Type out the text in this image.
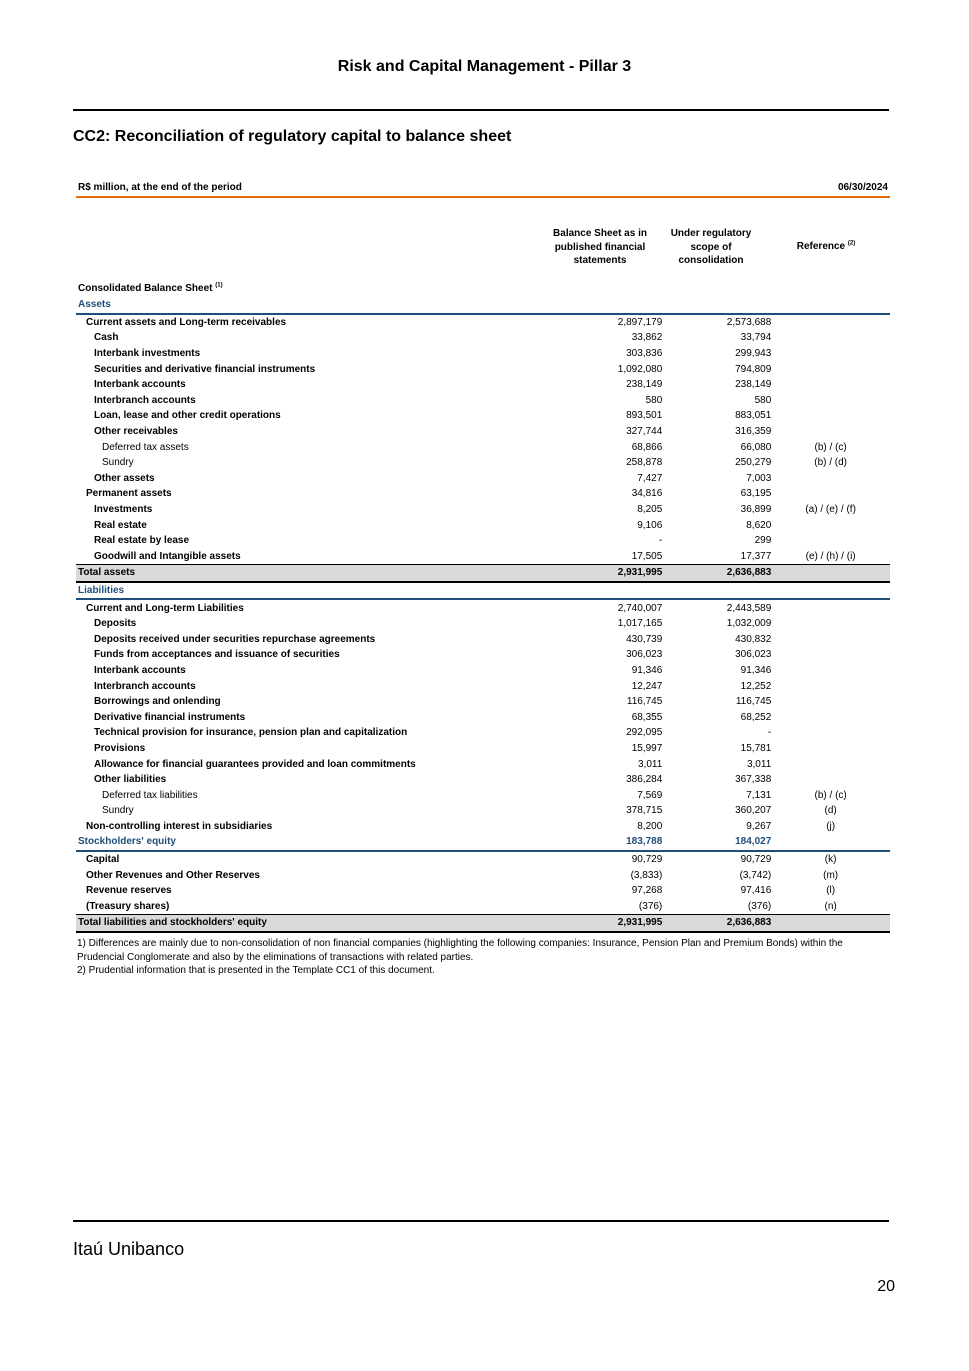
Risk and Capital Management - Pillar 3
CC2: Reconciliation of regulatory capital to balance sheet
R$ million, at the end of the period	06/30/2024
Balance Sheet as in
published financial
statements
Under regulatory
scope of
consolidation
Reference $^{(2)}$
Consolidated Balance Sheet $^{(1)}$
Assets			
Current assets and Long-term receivables	2,897,179	2,573,688	
Cash	33,862	33,794	
Interbank investments	303,836	299,943	
Securities and derivative financial instruments	1,092,080	794,809	
Interbank accounts	238,149	238,149	
Interbranch accounts	580	580	
Loan, lease and other credit operations	893,501	883,051	
Other receivables	327,744	316,359	
Deferred tax assets	68,866	66,080	(b) / (c)
Sundry	258,878	250,279	(b) / (d)
Other assets	7,427	7,003	
Permanent assets	34,816	63,195	
Investments	8,205	36,899	(a) / (e) / (f)
Real estate	9,106	8,620	
Real estate by lease	-	299	
Goodwill and Intangible assets	17,505	17,377	(e) / (h) / (i)
Total assets	2,931,995	2,636,883	
Liabilities			
Current and Long-term Liabilities	2,740,007	2,443,589	
Deposits	1,017,165	1,032,009	
Deposits received under securities repurchase agreements	430,739	430,832	
Funds from acceptances and issuance of securities	306,023	306,023	
Interbank accounts	91,346	91,346	
Interbranch accounts	12,247	12,252	
Borrowings and onlending	116,745	116,745	
Derivative financial instruments	68,355	68,252	
Technical provision for insurance, pension plan and capitalization	292,095	-	
Provisions	15,997	15,781	
Allowance for financial guarantees provided and loan commitments	3,011	3,011	
Other liabilities	386,284	367,338	
Deferred tax liabilities	7,569	7,131	(b) / (c)
Sundry	378,715	360,207	(d)
Non-controlling interest in subsidiaries	8,200	9,267	(j)
Stockholders' equity	183,788	184,027	
Capital	90,729	90,729	(k)
Other Revenues and Other Reserves	(3,833)	(3,742)	(m)
Revenue reserves	97,268	97,416	(l)
(Treasury shares)	(376)	(376)	(n)
Total liabilities and stockholders' equity	2,931,995	2,636,883	

1) Differences are mainly due to non-consolidation of non financial companies (highlighting the following companies: Insurance, Pension Plan and Premium Bonds) within the Prudencial Conglomerate and also by the eliminations of transactions with related parties.

2) Prudential information that is presented in the Template CC1 of this document.

Itaú Unibanco
20
